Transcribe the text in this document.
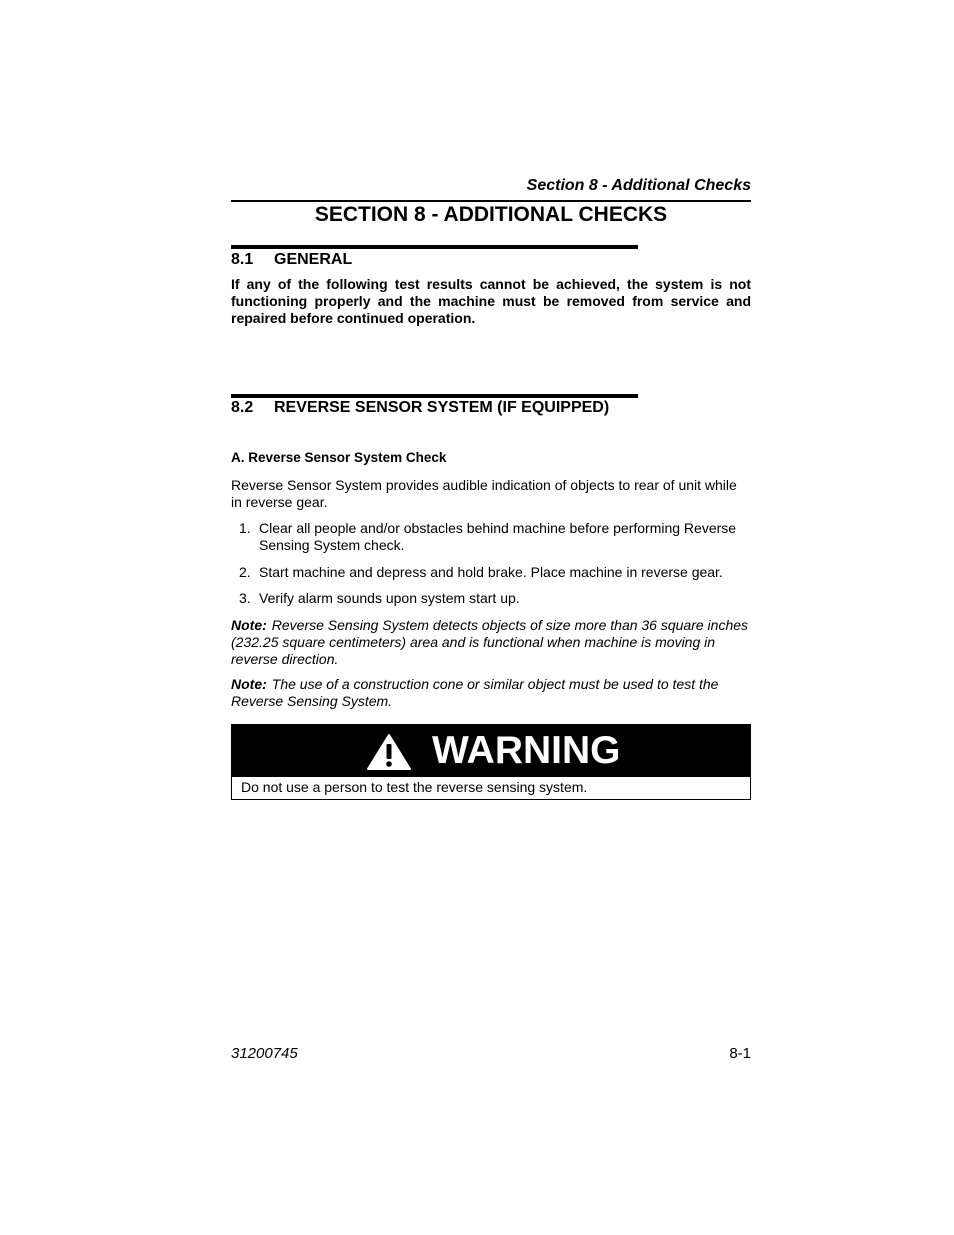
Section 8 - Additional Checks
SECTION 8 - ADDITIONAL CHECKS
8.1 GENERAL
If any of the following test results cannot be achieved, the system is not functioning properly and the machine must be removed from service and repaired before continued operation.
8.2 REVERSE SENSOR SYSTEM (IF EQUIPPED)
A. Reverse Sensor System Check
Reverse Sensor System provides audible indication of objects to rear of unit while in reverse gear.
1. Clear all people and/or obstacles behind machine before performing Reverse Sensing System check.
2. Start machine and depress and hold brake. Place machine in reverse gear.
3. Verify alarm sounds upon system start up.
Note: Reverse Sensing System detects objects of size more than 36 square inches (232.25 square centimeters) area and is functional when machine is moving in reverse direction.
Note: The use of a construction cone or similar object must be used to test the Reverse Sensing System.
WARNING
Do not use a person to test the reverse sensing system.
31200745	8-1
